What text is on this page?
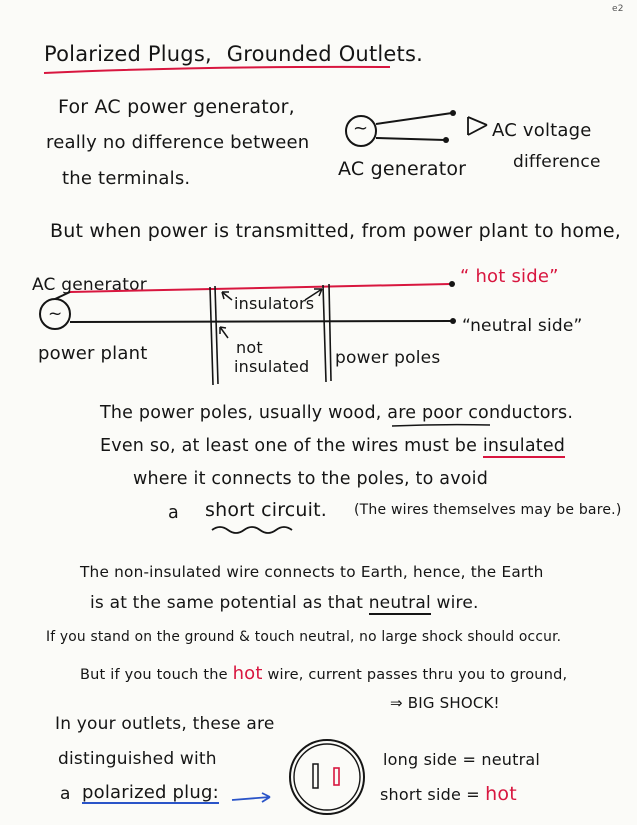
e2
Polarized Plugs, Grounded Outlets.
For AC power generator,
really no difference between
the terminals.
~
AC generator
AC voltage
difference
But when power is transmitted, from power plant to home,
AC generator
~
power plant
insulators
not
insulated power poles
“ hot side”
“neutral side”
The power poles, usually wood, are poor conductors.
Even so, at least one of the wires must be insulated
where it connects to the poles, to avoid
a short circuit. (The wires themselves may be bare.)
The non-insulated wire connects to Earth, hence, the Earth
is at the same potential as that neutral wire.
If you stand on the ground & touch neutral, no large shock should occur.
But if you touch the hot wire, current passes thru you to ground,
⇒ BIG SHOCK!
In your outlets, these are
distinguished with
a polarized plug:
long side = neutral
short side = hot
